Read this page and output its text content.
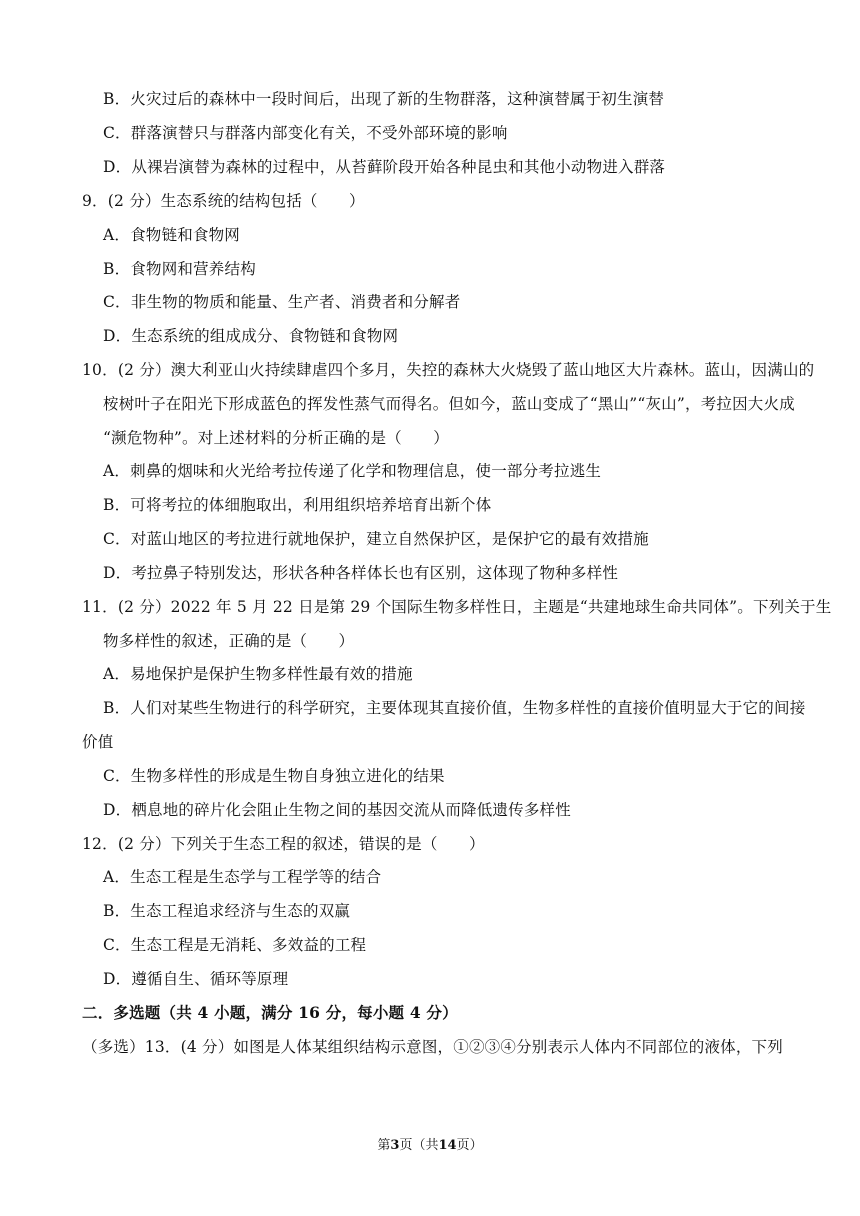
第3页（共14页）
B．火灾过后的森林中一段时间后，出现了新的生物群落，这种演替属于初生演替
C．群落演替只与群落内部变化有关，不受外部环境的影响
D．从裸岩演替为森林的过程中，从苔藓阶段开始各种昆虫和其他小动物进入群落
9．(2 分）生态系统的结构包括（　　）
A．食物链和食物网
B．食物网和营养结构
C．非生物的物质和能量、生产者、消费者和分解者
D．生态系统的组成成分、食物链和食物网
10．(2 分）澳大利亚山火持续肆虐四个多月，失控的森林大火烧毁了蓝山地区大片森林。蓝山，因满山的
桉树叶子在阳光下形成蓝色的挥发性蒸气而得名。但如今，蓝山变成了“黑山”“灰山”，考拉因大火成
“濒危物种”。对上述材料的分析正确的是（　　）
A．刺鼻的烟味和火光给考拉传递了化学和物理信息，使一部分考拉逃生
B．可将考拉的体细胞取出，利用组织培养培育出新个体
C．对蓝山地区的考拉进行就地保护，建立自然保护区，是保护它的最有效措施
D．考拉鼻子特别发达，形状各种各样体长也有区别，这体现了物种多样性
11．(2 分）2022 年 5 月 22 日是第 29 个国际生物多样性日，主题是“共建地球生命共同体”。下列关于生
物多样性的叙述，正确的是（　　）
A．易地保护是保护生物多样性最有效的措施
B．人们对某些生物进行的科学研究，主要体现其直接价值，生物多样性的直接价值明显大于它的间接
价值
C．生物多样性的形成是生物自身独立进化的结果
D．栖息地的碎片化会阻止生物之间的基因交流从而降低遗传多样性
12．(2 分）下列关于生态工程的叙述，错误的是（　　）
A．生态工程是生态学与工程学等的结合
B．生态工程追求经济与生态的双赢
C．生态工程是无消耗、多效益的工程
D．遵循自生、循环等原理
二．多选题（共 4 小题，满分 16 分，每小题 4 分）
（多选）13．(4 分）如图是人体某组织结构示意图，①②③④分别表示人体内不同部位的液体，下列
